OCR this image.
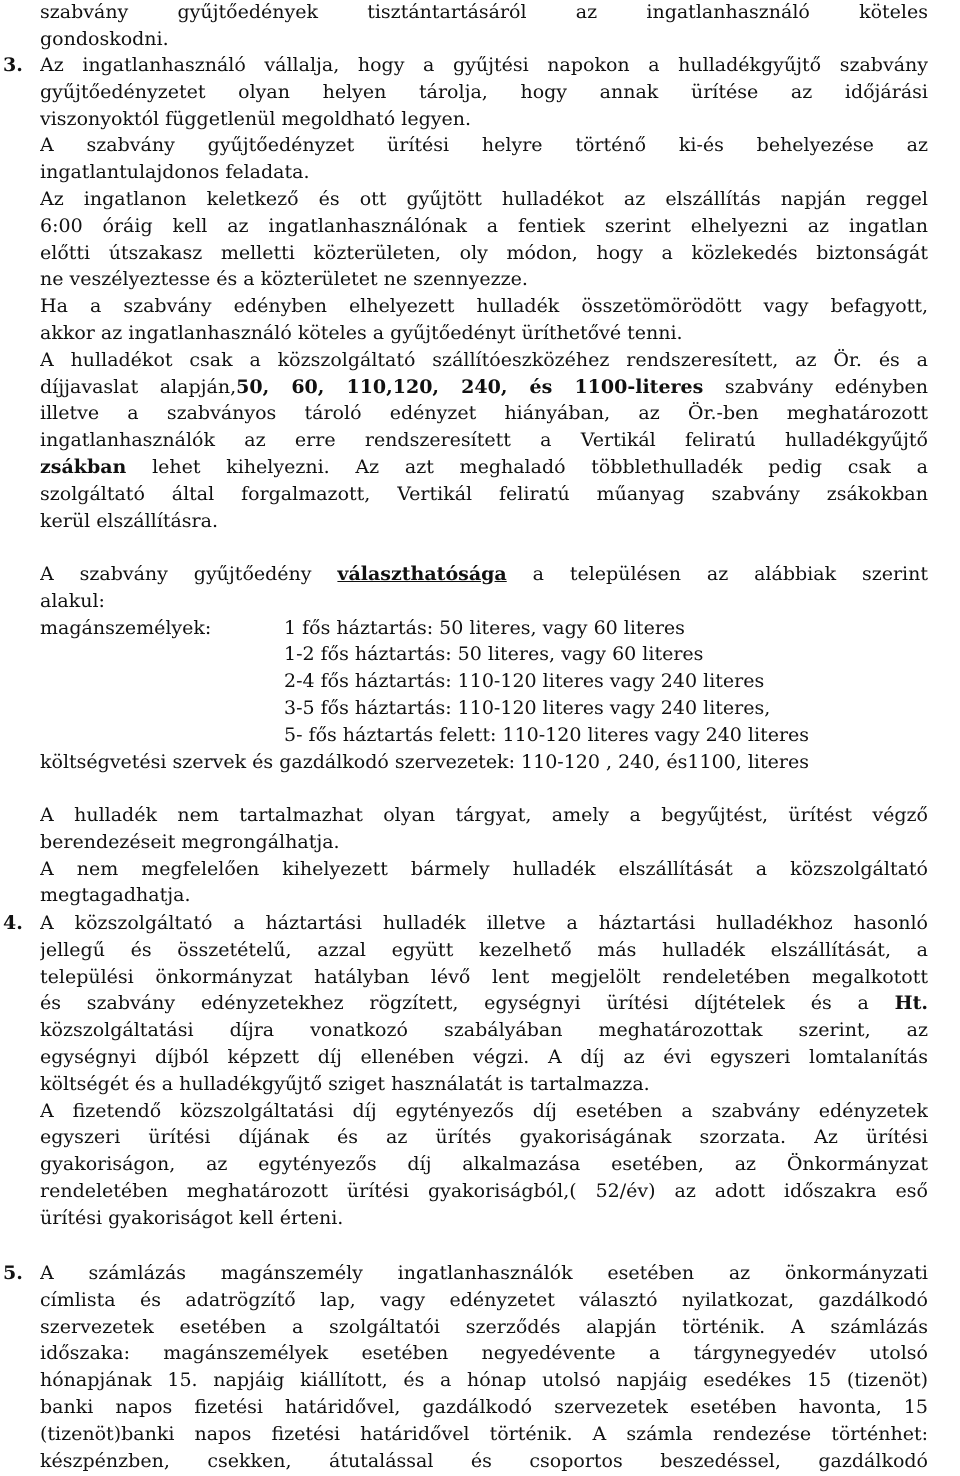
szabvány gyűjtőedények tisztántartásáról az ingatlanhasználó köteles
gondoskodni.
3. Az ingatlanhasználó vállalja, hogy a gyűjtési napokon a hulladékgyűjtő szabvány
gyűjtőedényzetet olyan helyen tárolja, hogy annak ürítése az időjárási
viszonyoktól függetlenül megoldható legyen.
A szabvány gyűjtőedényzet ürítési helyre történő ki-és behelyezése az
ingatlantulajdonos feladata.
Az ingatlanon keletkező és ott gyűjtött hulladékot az elszállítás napján reggel
6:00 óráig kell az ingatlanhasználónak a fentiek szerint elhelyezni az ingatlan
előtti útszakasz melletti közterületen, oly módon, hogy a közlekedés biztonságát
ne veszélyeztesse és a közterületet ne szennyezze.
Ha a szabvány edényben elhelyezett hulladék összetömörödött vagy befagyott,
akkor az ingatlanhasználó köteles a gyűjtőedényt üríthetővé tenni.
A hulladékot csak a közszolgáltató szállítóeszközéhez rendszeresített, az Ör. és a
díjjavaslat alapján,50, 60, 110,120, 240, és 1100-literes szabvány edényben
illetve a szabványos tároló edényzet hiányában, az Ör.-ben meghatározott
ingatlanhasználók az erre rendszeresített a Vertikál feliratú hulladékgyűjtő
zsákban lehet kihelyezni. Az azt meghaladó többlethulladék pedig csak a
szolgáltató által forgalmazott, Vertikál feliratú műanyag szabvány zsákokban
kerül elszállításra.
A szabvány gyűjtőedény választhatósága a településen az alábbiak szerint
alakul:
magánszemélyek:	1 fős háztartás: 50 literes, vagy 60 literes
1-2 fős háztartás: 50 literes, vagy 60 literes
2-4 fős háztartás: 110-120 literes vagy 240 literes
3-5 fős háztartás: 110-120 literes vagy 240 literes,
5- fős háztartás felett: 110-120 literes vagy 240 literes
költségvetési szervek és gazdálkodó szervezetek: 110-120 , 240, és1100, literes
A hulladék nem tartalmazhat olyan tárgyat, amely a begyűjtést, ürítést végző
berendezéseit megrongálhatja.
A nem megfelelően kihelyezett bármely hulladék elszállítását a közszolgáltató
megtagadhatja.
4. A közszolgáltató a háztartási hulladék illetve a háztartási hulladékhoz hasonló
jellegű és összetételű, azzal együtt kezelhető más hulladék elszállítását, a
települési önkormányzat hatályban lévő lent megjelölt rendeletében megalkotott
és szabvány edényzetekhez rögzített, egységnyi ürítési díjtételek és a Ht.
közszolgáltatási díjra vonatkozó szabályában meghatározottak szerint, az
egységnyi díjból képzett díj ellenében végzi. A díj az évi egyszeri lomtalanítás
költségét és a hulladékgyűjtő sziget használatát is tartalmazza.
A fizetendő közszolgáltatási díj egytényezős díj esetében a szabvány edényzetek
egyszeri ürítési díjának és az ürítés gyakoriságának szorzata. Az ürítési
gyakoriságon, az egytényezős díj alkalmazása esetében, az Önkormányzat
rendeletében meghatározott ürítési gyakoriságból,( 52/év) az adott időszakra eső
ürítési gyakoriságot kell érteni.
5. A számlázás magánszemély ingatlanhasználók esetében az önkormányzati
címlista és adatrögzítő lap, vagy edényzetet választó nyilatkozat, gazdálkodó
szervezetek esetében a szolgáltatói szerződés alapján történik. A számlázás
időszaka: magánszemélyek esetében negyedévente a tárgynegyedév utolsó
hónapjának 15. napjáig kiállított, és a hónap utolsó napjáig esedékes 15 (tizenöt)
banki napos fizetési határidővel, gazdálkodó szervezetek esetében havonta, 15
(tizenöt)banki napos fizetési határidővel történik. A számla rendezése történhet:
készpénzben, csekken, átutalással és csoportos beszedéssel, gazdálkodó
